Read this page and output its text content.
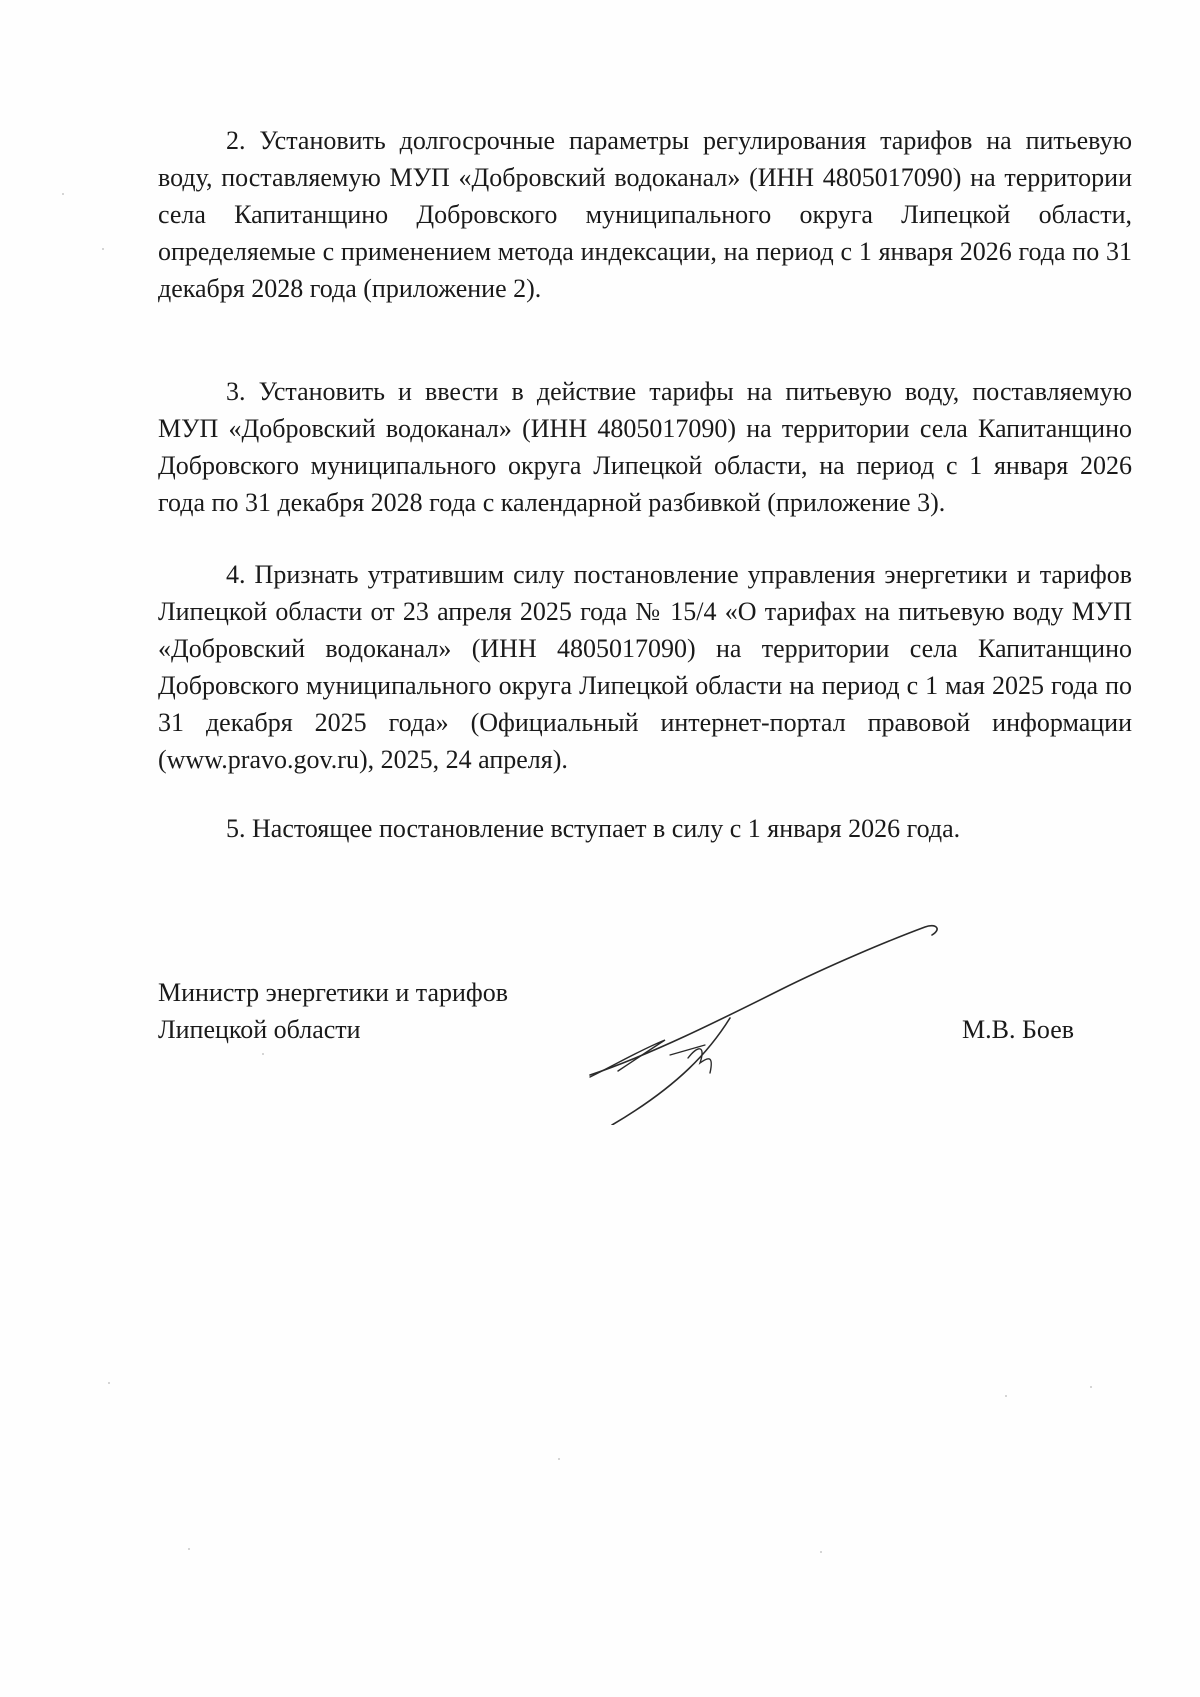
2. Установить долгосрочные параметры регулирования тарифов на питьевую воду, поставляемую МУП «Добровский водоканал» (ИНН 4805017090) на территории села Капитанщино Добровского муниципального округа Липецкой области, определяемые с применением метода индексации, на период с 1 января 2026 года по 31 декабря 2028 года (приложение 2).

3. Установить и ввести в действие тарифы на питьевую воду, поставляемую МУП «Добровский водоканал» (ИНН 4805017090) на территории села Капитанщино Добровского муниципального округа Липецкой области, на период с 1 января 2026 года по 31 декабря 2028 года с календарной разбивкой (приложение 3).

4. Признать утратившим силу постановление управления энергетики и тарифов Липецкой области от 23 апреля 2025 года № 15/4 «О тарифах на питьевую воду МУП «Добровский водоканал» (ИНН 4805017090) на территории села Капитанщино Добровского муниципального округа Липецкой области на период с 1 мая 2025 года по 31 декабря 2025 года» (Официальный интернет-портал правовой информации (www.pravo.gov.ru), 2025, 24 апреля).

5. Настоящее постановление вступает в силу с 1 января 2026 года.

Министр энергетики и тарифов
Липецкой области	М.В. Боев
